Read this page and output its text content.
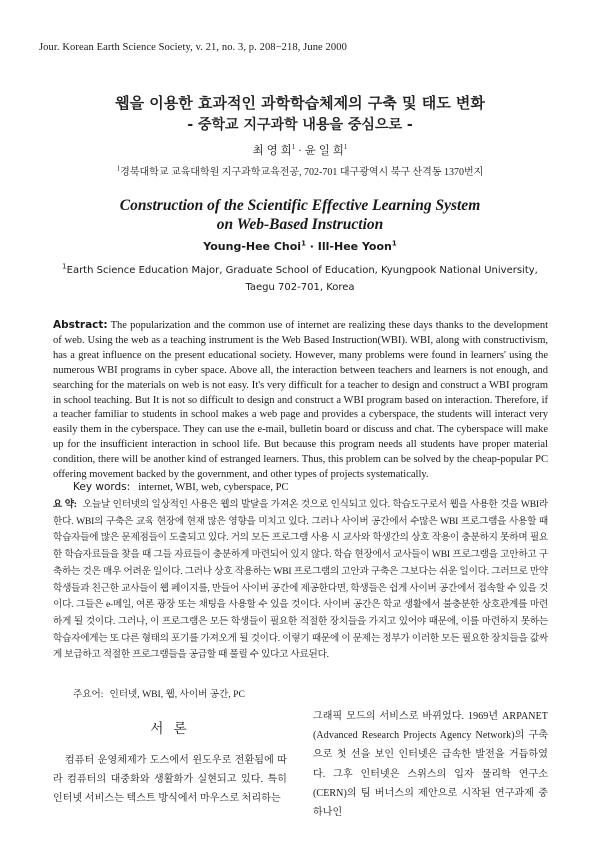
Jour. Korean Earth Science Society, v. 21, no. 3, p. 208−218, June 2000
웹을 이용한 효과적인 과학학습체제의 구축 및 태도 변화
- 중학교 지구과학 내용을 중심으로 -
최 영 희$^1$ · 윤 일 희$^1$
$^1$경북대학교 교육대학원 지구과학교육전공, 702-701 대구광역시 북구 산격동 1370번지
Construction of the Scientific Effective Learning System
on Web-Based Instruction
Young-Hee Choi$^1$ · Ill-Hee Yoon$^1$
$^1$Earth Science Education Major, Graduate School of Education, Kyungpook National University,
Taegu 702-701, Korea
Abstract: The popularization and the common use of internet are realizing these days thanks to the development of web. Using the web as a teaching instrument is the Web Based Instruction(WBI). WBI, along with constructivism, has a great influence on the present educational society. However, many problems were found in learners' using the numerous WBI programs in cyber space. Above all, the interaction between teachers and learners is not enough, and searching for the materials on web is not easy. It's very difficult for a teacher to design and construct a WBI program in school teaching. But It is not so difficult to design and construct a WBI program based on interaction. Therefore, if a teacher familiar to students in school makes a web page and provides a cyberspace, the students will interact very easily them in the cyberspace. They can use the e-mail, bulletin board or discuss and chat. The cyberspace will make up for the insufficient interaction in school life. But because this program needs all students have proper material condition, there will be another kind of estranged learners. Thus, this problem can be solved by the cheap-popular PC offering movement backed by the government, and other types of projects systematically.
Key words: internet, WBI, web, cyberspace, PC
요 약: 오늘날 인터넷의 일상적인 사용은 웹의 발달을 가져온 것으로 인식되고 있다. 학습도구로서 웹을 사용한 것을 WBI라 한다. WBI의 구축은 교육 현장에 현재 많은 영향을 미치고 있다. 그러나 사이버 공간에서 수많은 WBI 프로그램을 사용할 때 학습자들에 많은 문제점들이 도출되고 있다. 거의 모든 프로그램 사용 시 교사와 학생간의 상호 작용이 충분하지 못하며 필요한 학습자료들을 찾을 때 그들 자료들이 충분하게 마련되어 있지 않다. 학습 현장에서 교사들이 WBI 프로그램을 고안하고 구축하는 것은 매우 어려운 일이다. 그러나 상호 작용하는 WBI 프로그램의 고안과 구축은 그보다는 쉬운 일이다. 그러므로 만약 학생들과 친근한 교사들이 웹 페이지를, 만들어 사이버 공간에 제공한다면, 학생들은 쉽게 사이버 공간에서 접속할 수 있을 것이다. 그들은 e-메일, 여론 광장 또는 채팅을 사용할 수 있을 것이다. 사이버 공간은 학교 생활에서 불충분한 상호관계를 마련하게 될 것이다. 그러나, 이 프로그램은 모든 학생들이 필요한 적절한 장치들을 가지고 있어야 때문에, 이를 마련하지 못하는 학습자에게는 또 다른 형태의 포기를 가져오게 될 것이다. 이렇기 때문에 이 문제는 정부가 이러한 모든 필요한 장치들을 값싸게 보급하고 적절한 프로그램들을 공급할 때 풀릴 수 있다고 사료된다.
주요어: 인터넷, WBI, 웹, 사이버 공간, PC
서 론
컴퓨터 운영체제가 도스에서 윈도우로 전환됨에 따라 컴퓨터의 대중화와 생활화가 실현되고 있다. 특히 인터넷 서비스는 텍스트 방식에서 마우스로 처리하는
그래픽 모드의 서비스로 바뀌었다. 1969년 ARPANET (Advanced Research Projects Agency Network)의 구축으로 첫 선을 보인 인터넷은 급속한 발전을 거듭하였다. 그후 인터넷은 스위스의 입자 물리학 연구소(CERN)의 팀 버너스의 제안으로 시작된 연구과제 중 하나인
